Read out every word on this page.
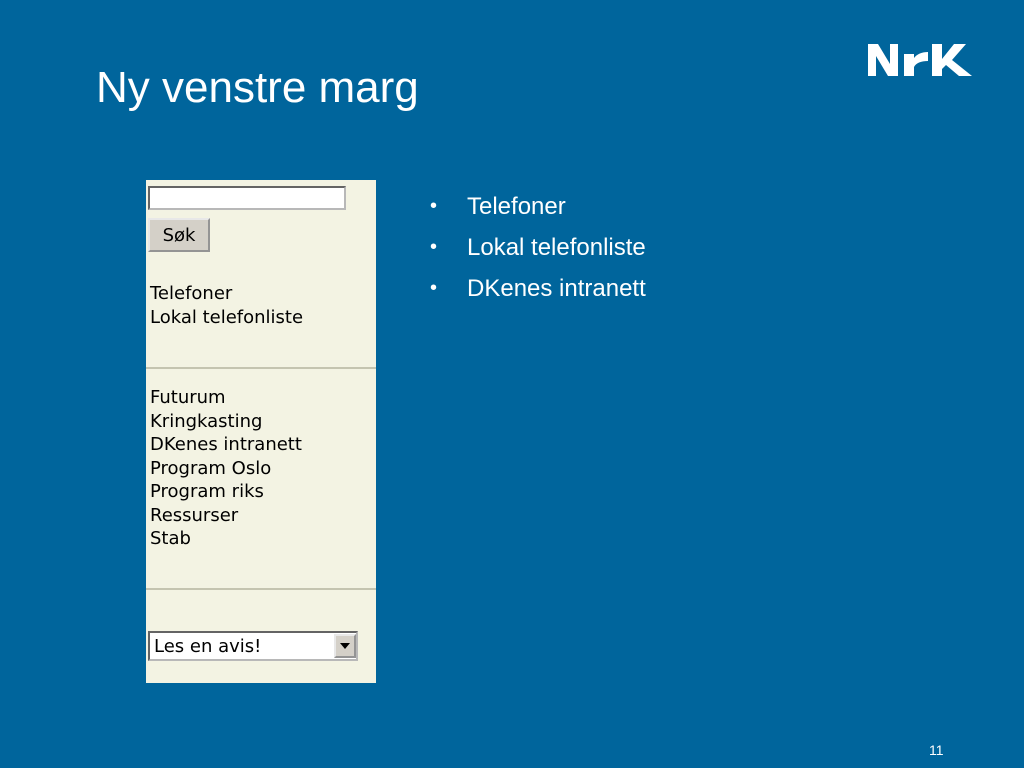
Ny venstre marg
Søk
Telefoner
Lokal telefonliste
Futurum
Kringkasting
DKenes intranett
Program Oslo
Program riks
Ressurser
Stab
Les en avis!
• Telefoner
• Lokal telefonliste
• DKenes intranett
11
